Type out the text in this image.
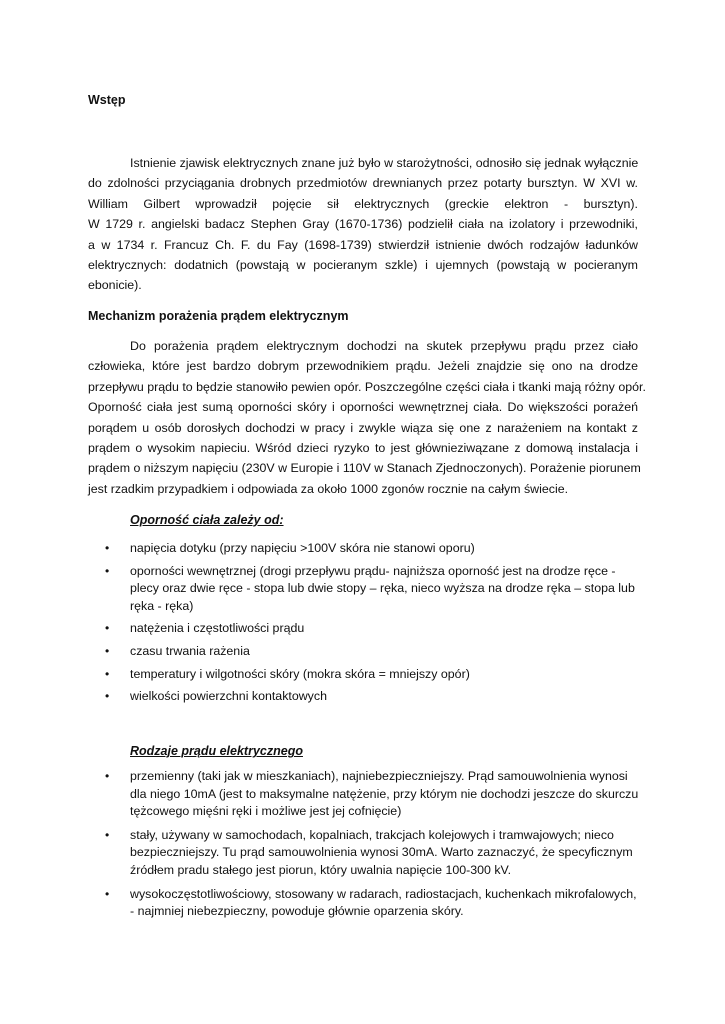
Wstęp

Istnienie zjawisk elektrycznych znane już było w starożytności, odnosiło się jednak wyłącznie
do zdolności przyciągania drobnych przedmiotów drewnianych przez potarty bursztyn. W XVI w.
William Gilbert wprowadził pojęcie sił elektrycznych (greckie elektron - bursztyn).
W 1729 r. angielski badacz Stephen Gray (1670-1736) podzielił ciała na izolatory i przewodniki,
a w 1734 r. Francuz Ch. F. du Fay (1698-1739) stwierdził istnienie dwóch rodzajów ładunków
elektrycznych: dodatnich (powstają w pocieranym szkle) i ujemnych (powstają w pocieranym
ebonicie).

Mechanizm porażenia prądem elektrycznym

Do porażenia prądem elektrycznym dochodzi na skutek przepływu prądu przez ciało
człowieka, które jest bardzo dobrym przewodnikiem prądu. Jeżeli znajdzie się ono na drodze
przepływu prądu to będzie stanowiło pewien opór. Poszczególne części ciała i tkanki mają różny opór.
Oporność ciała jest sumą oporności skóry i oporności wewnętrznej ciała. Do większości porażeń
porądem u osób dorosłych dochodzi w pracy i zwykle wiąza się one z narażeniem na kontakt z
prądem o wysokim napieciu. Wśród dzieci ryzyko to jest głównieziwązane z domową instalacja i
prądem o niższym napięciu (230V w Europie i 110V w Stanach Zjednoczonych). Porażenie piorunem
jest rzadkim przypadkiem i odpowiada za około 1000 zgonów rocznie na całym świecie.

Oporność ciała zależy od:

•	napięcia dotyku (przy napięciu >100V skóra nie stanowi oporu)
•	oporności wewnętrznej (drogi przepływu prądu- najniższa oporność jest na drodze ręce -
plecy oraz dwie ręce - stopa lub dwie stopy – ręka, nieco wyższa na drodze ręka – stopa lub
ręka - ręka)
•	natężenia i częstotliwości prądu
•	czasu trwania rażenia
•	temperatury i wilgotności skóry (mokra skóra = mniejszy opór)
•	wielkości powierzchni kontaktowych

Rodzaje prądu elektrycznego

•	przemienny (taki jak w mieszkaniach), najniebezpieczniejszy. Prąd samouwolnienia wynosi
dla niego 10mA (jest to maksymalne natężenie, przy którym nie dochodzi jeszcze do skurczu
tężcowego mięśni ręki i możliwe jest jej cofnięcie)
•	stały, używany w samochodach, kopalniach, trakcjach kolejowych i tramwajowych; nieco
bezpieczniejszy. Tu prąd samouwolnienia wynosi 30mA. Warto zaznaczyć, że specyficznym
źródłem pradu stałego jest piorun, który uwalnia napięcie 100-300 kV.
•	wysokoczęstotliwościowy, stosowany w radarach, radiostacjach, kuchenkach mikrofalowych,
- najmniej niebezpieczny, powoduje głównie oparzenia skóry.
